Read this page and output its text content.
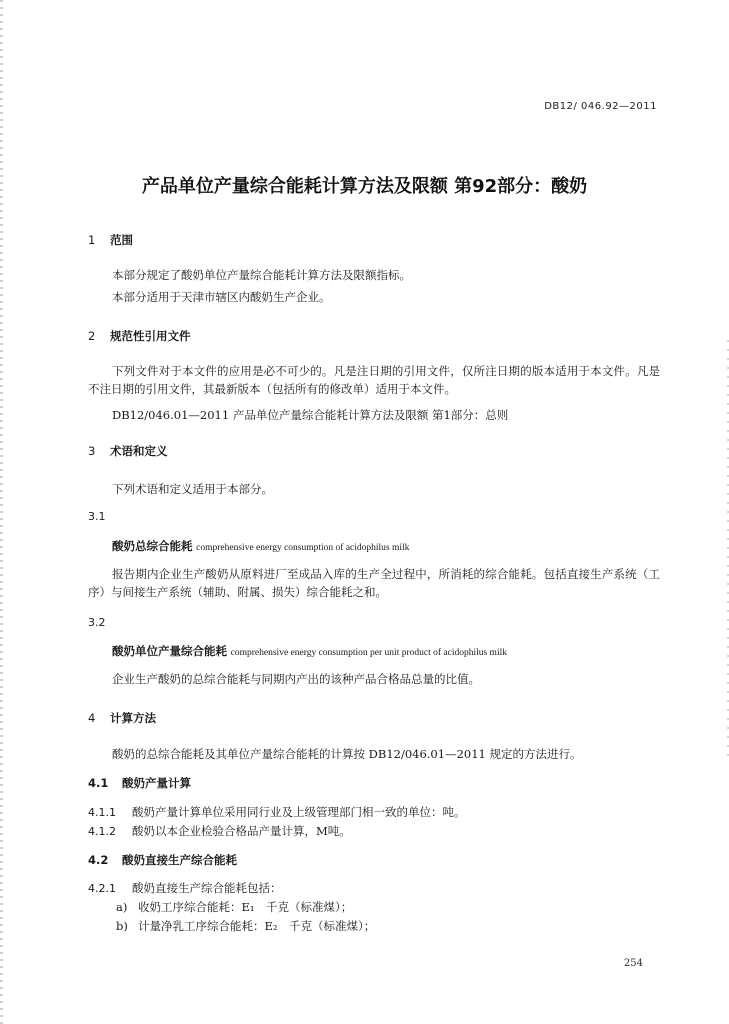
DB12/ 046.92—2011
产品单位产量综合能耗计算方法及限额 第92部分：酸奶
1 范围
本部分规定了酸奶单位产量综合能耗计算方法及限额指标。
本部分适用于天津市辖区内酸奶生产企业。
2 规范性引用文件
下列文件对于本文件的应用是必不可少的。凡是注日期的引用文件，仅所注日期的版本适用于本文件。凡是不注日期的引用文件，其最新版本（包括所有的修改单）适用于本文件。
DB12/046.01—2011 产品单位产量综合能耗计算方法及限额 第1部分：总则
3 术语和定义
下列术语和定义适用于本部分。
3.1
酸奶总综合能耗 comprehensive energy consumption of acidophilus milk
报告期内企业生产酸奶从原料进厂至成品入库的生产全过程中，所消耗的综合能耗。包括直接生产系统（工序）与间接生产系统（辅助、附属、损失）综合能耗之和。
3.2
酸奶单位产量综合能耗 comprehensive energy consumption per unit product of acidophilus milk
企业生产酸奶的总综合能耗与同期内产出的该种产品合格品总量的比值。
4 计算方法
酸奶的总综合能耗及其单位产量综合能耗的计算按 DB12/046.01—2011 规定的方法进行。
4.1 酸奶产量计算
4.1.1 酸奶产量计算单位采用同行业及上级管理部门相一致的单位：吨。
4.1.2 酸奶以本企业检验合格品产量计算，M吨。
4.2 酸奶直接生产综合能耗
4.2.1 酸奶直接生产综合能耗包括：
a) 收奶工序综合能耗：E₁　千克（标准煤）；
b) 计量净乳工序综合能耗：E₂　千克（标准煤）；
254
